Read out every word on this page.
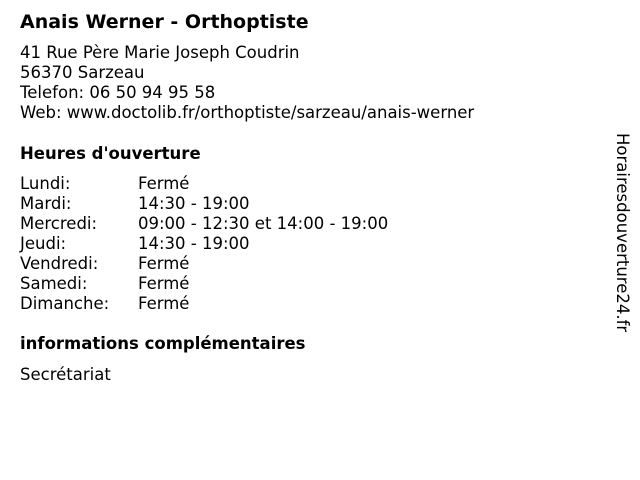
Anais Werner - Orthoptiste
41 Rue Père Marie Joseph Coudrin
56370 Sarzeau
Telefon: 06 50 94 95 58
Web: www.doctolib.fr/orthoptiste/sarzeau/anais-werner
Heures d'ouverture
Lundi:	Fermé
Mardi:	14:30 - 19:00
Mercredi:	09:00 - 12:30 et 14:00 - 19:00
Jeudi:	14:30 - 19:00
Vendredi:	Fermé
Samedi:	Fermé
Dimanche:	Fermé
informations complémentaires
Secrétariat
Horairesdouverture24.fr
